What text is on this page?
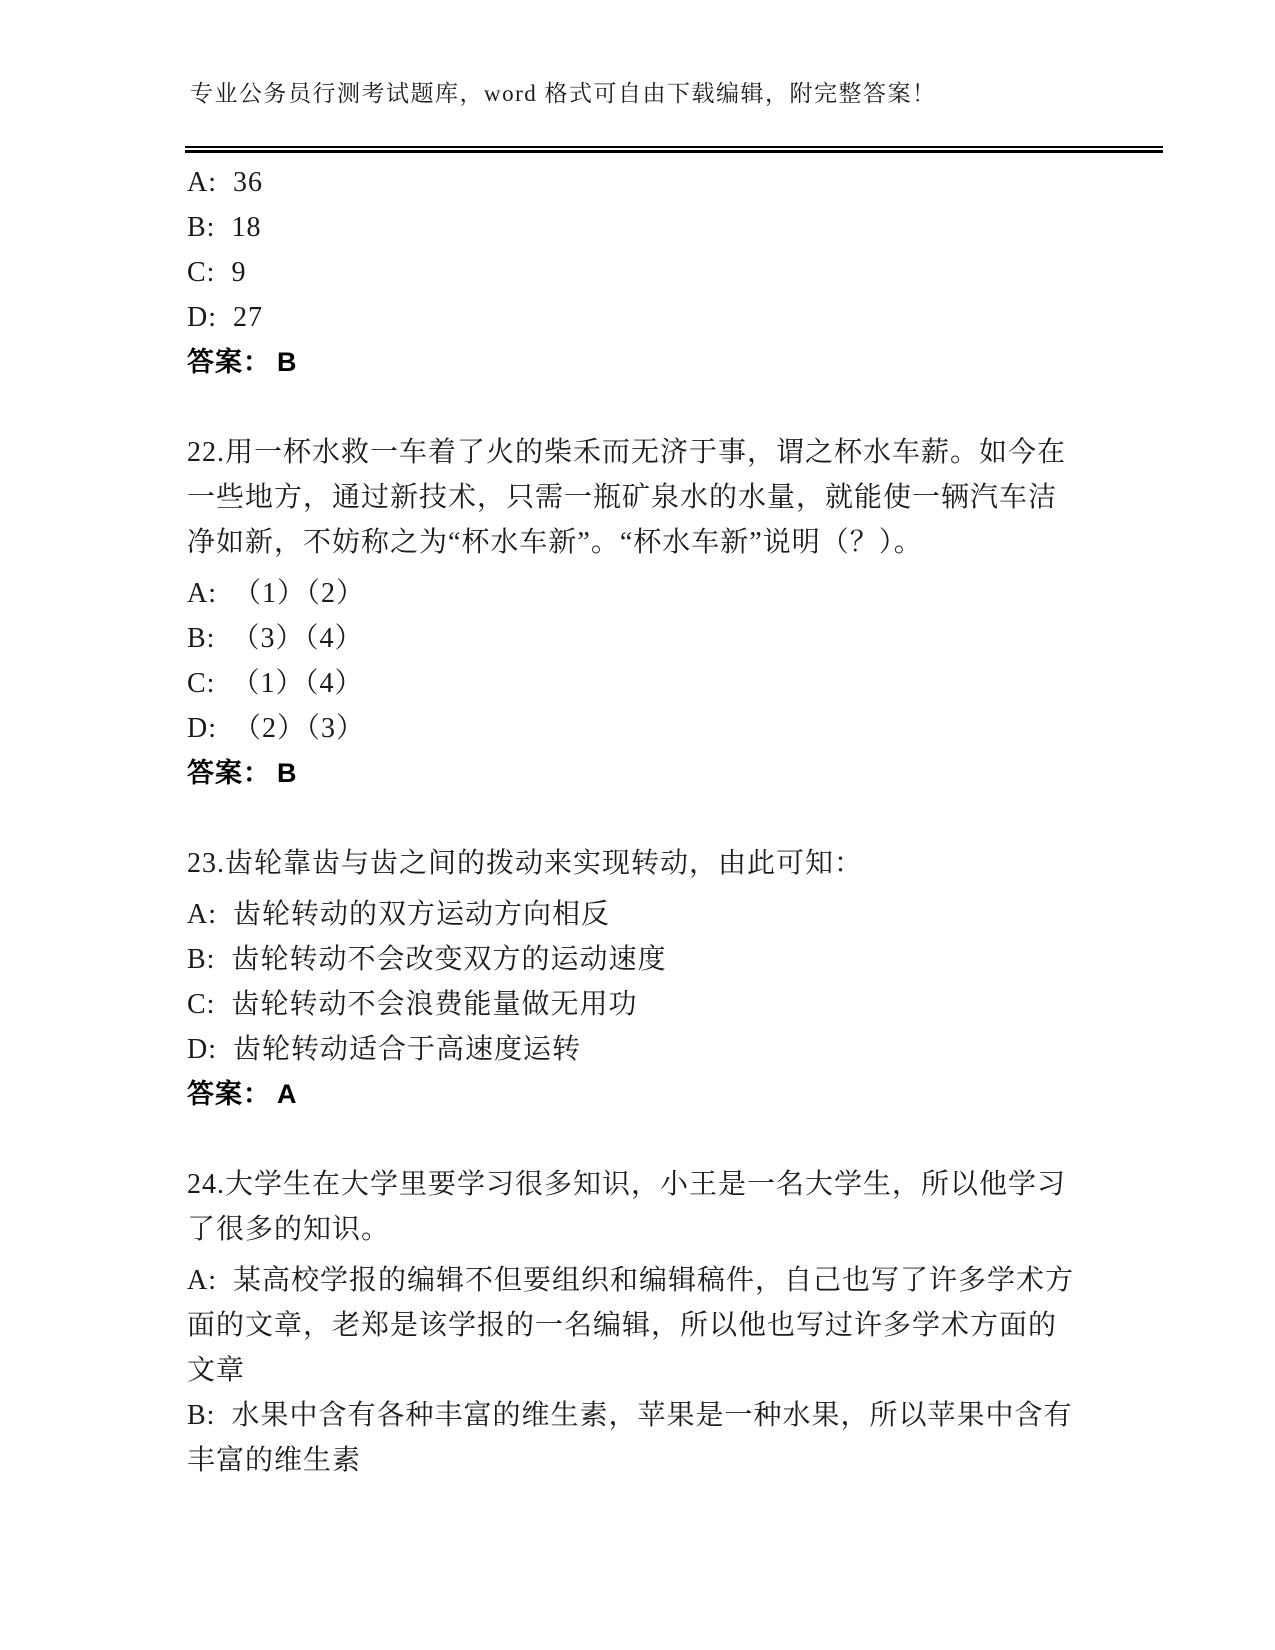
专业公务员行测考试题库，word 格式可自由下载编辑，附完整答案！
A: 36
B: 18
C: 9
D: 27
答案： B
22.用一杯水救一车着了火的柴禾而无济于事，谓之杯水车薪。如今在一些地方，通过新技术，只需一瓶矿泉水的水量，就能使一辆汽车洁净如新，不妨称之为“杯水车新”。“杯水车新”说明（？）。
A: （1）（2）
B: （3）（4）
C: （1）（4）
D: （2）（3）
答案： B
23.齿轮靠齿与齿之间的拨动来实现转动，由此可知：
A: 齿轮转动的双方运动方向相反
B: 齿轮转动不会改变双方的运动速度
C: 齿轮转动不会浪费能量做无用功
D: 齿轮转动适合于高速度运转
答案： A
24.大学生在大学里要学习很多知识，小王是一名大学生，所以他学习了很多的知识。
A: 某高校学报的编辑不但要组织和编辑稿件，自己也写了许多学术方面的文章，老郑是该学报的一名编辑，所以他也写过许多学术方面的文章
B: 水果中含有各种丰富的维生素，苹果是一种水果，所以苹果中含有丰富的维生素
